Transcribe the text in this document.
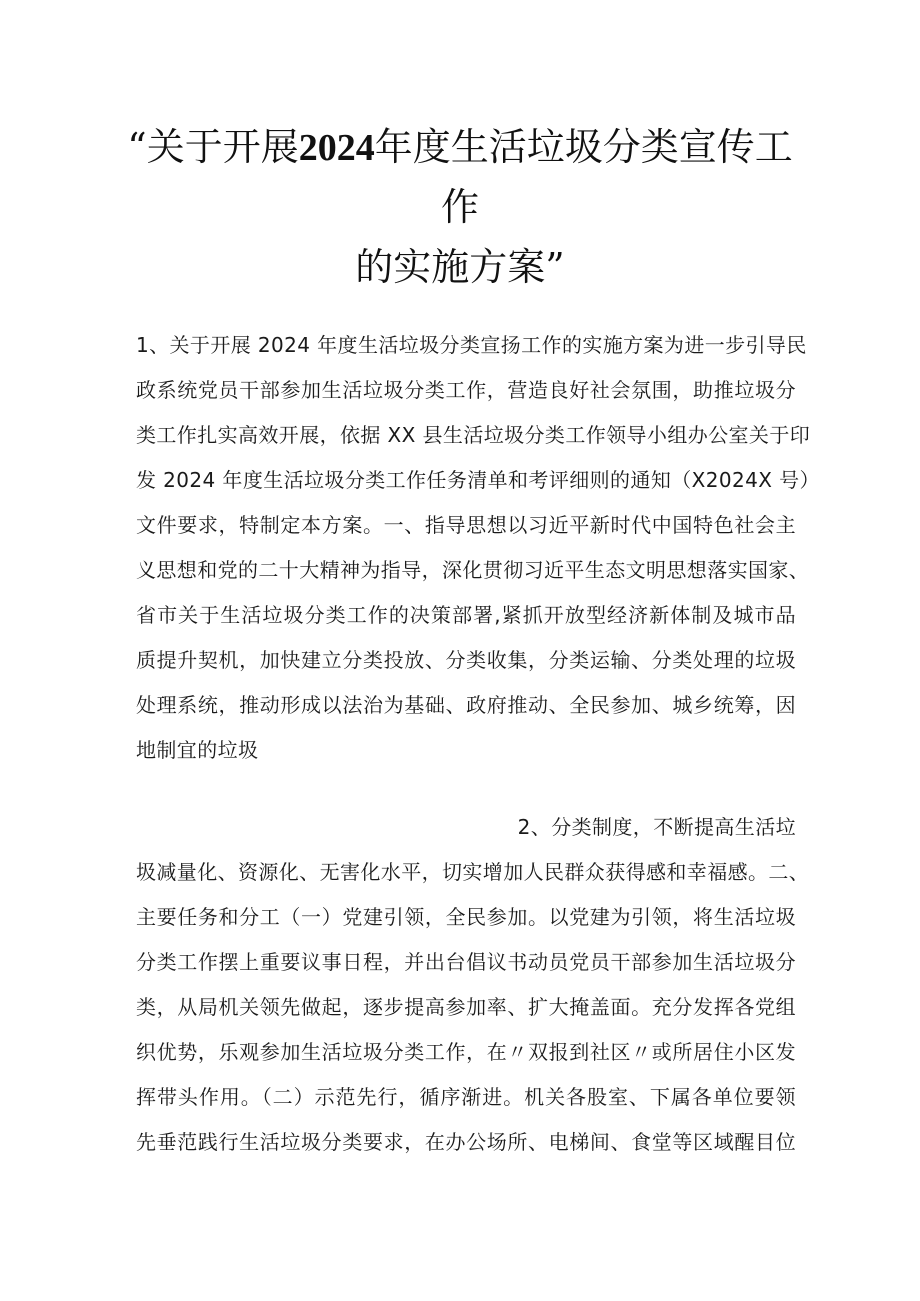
“关于开展2024年度生活垃圾分类宣传工
作
的实施方案”
1、关于开展 2024 年度生活垃圾分类宣扬工作的实施方案为进一步引导民
政系统党员干部参加生活垃圾分类工作，营造良好社会氛围，助推垃圾分
类工作扎实高效开展，依据 XX 县生活垃圾分类工作领导小组办公室关于印
发 2024 年度生活垃圾分类工作任务清单和考评细则的通知（X2024X 号）
文件要求，特制定本方案。一、指导思想以习近平新时代中国特色社会主
义思想和党的二十大精神为指导，深化贯彻习近平生态文明思想落实国家、
省市关于生活垃圾分类工作的决策部署,紧抓开放型经济新体制及城市品
质提升契机，加快建立分类投放、分类收集，分类运输、分类处理的垃圾
处理系统，推动形成以法治为基础、政府推动、全民参加、城乡统筹，因
地制宜的垃圾
2、分类制度，不断提高生活垃
圾减量化、资源化、无害化水平，切实增加人民群众获得感和幸福感。二、
主要任务和分工（一）党建引领，全民参加。以党建为引领，将生活垃圾
分类工作摆上重要议事日程，并出台倡议书动员党员干部参加生活垃圾分
类，从局机关领先做起，逐步提高参加率、扩大掩盖面。充分发挥各党组
织优势，乐观参加生活垃圾分类工作，在〃双报到社区〃或所居住小区发
挥带头作用。（二）示范先行，循序渐进。机关各股室、下属各单位要领
先垂范践行生活垃圾分类要求，在办公场所、电梯间、食堂等区域醒目位
